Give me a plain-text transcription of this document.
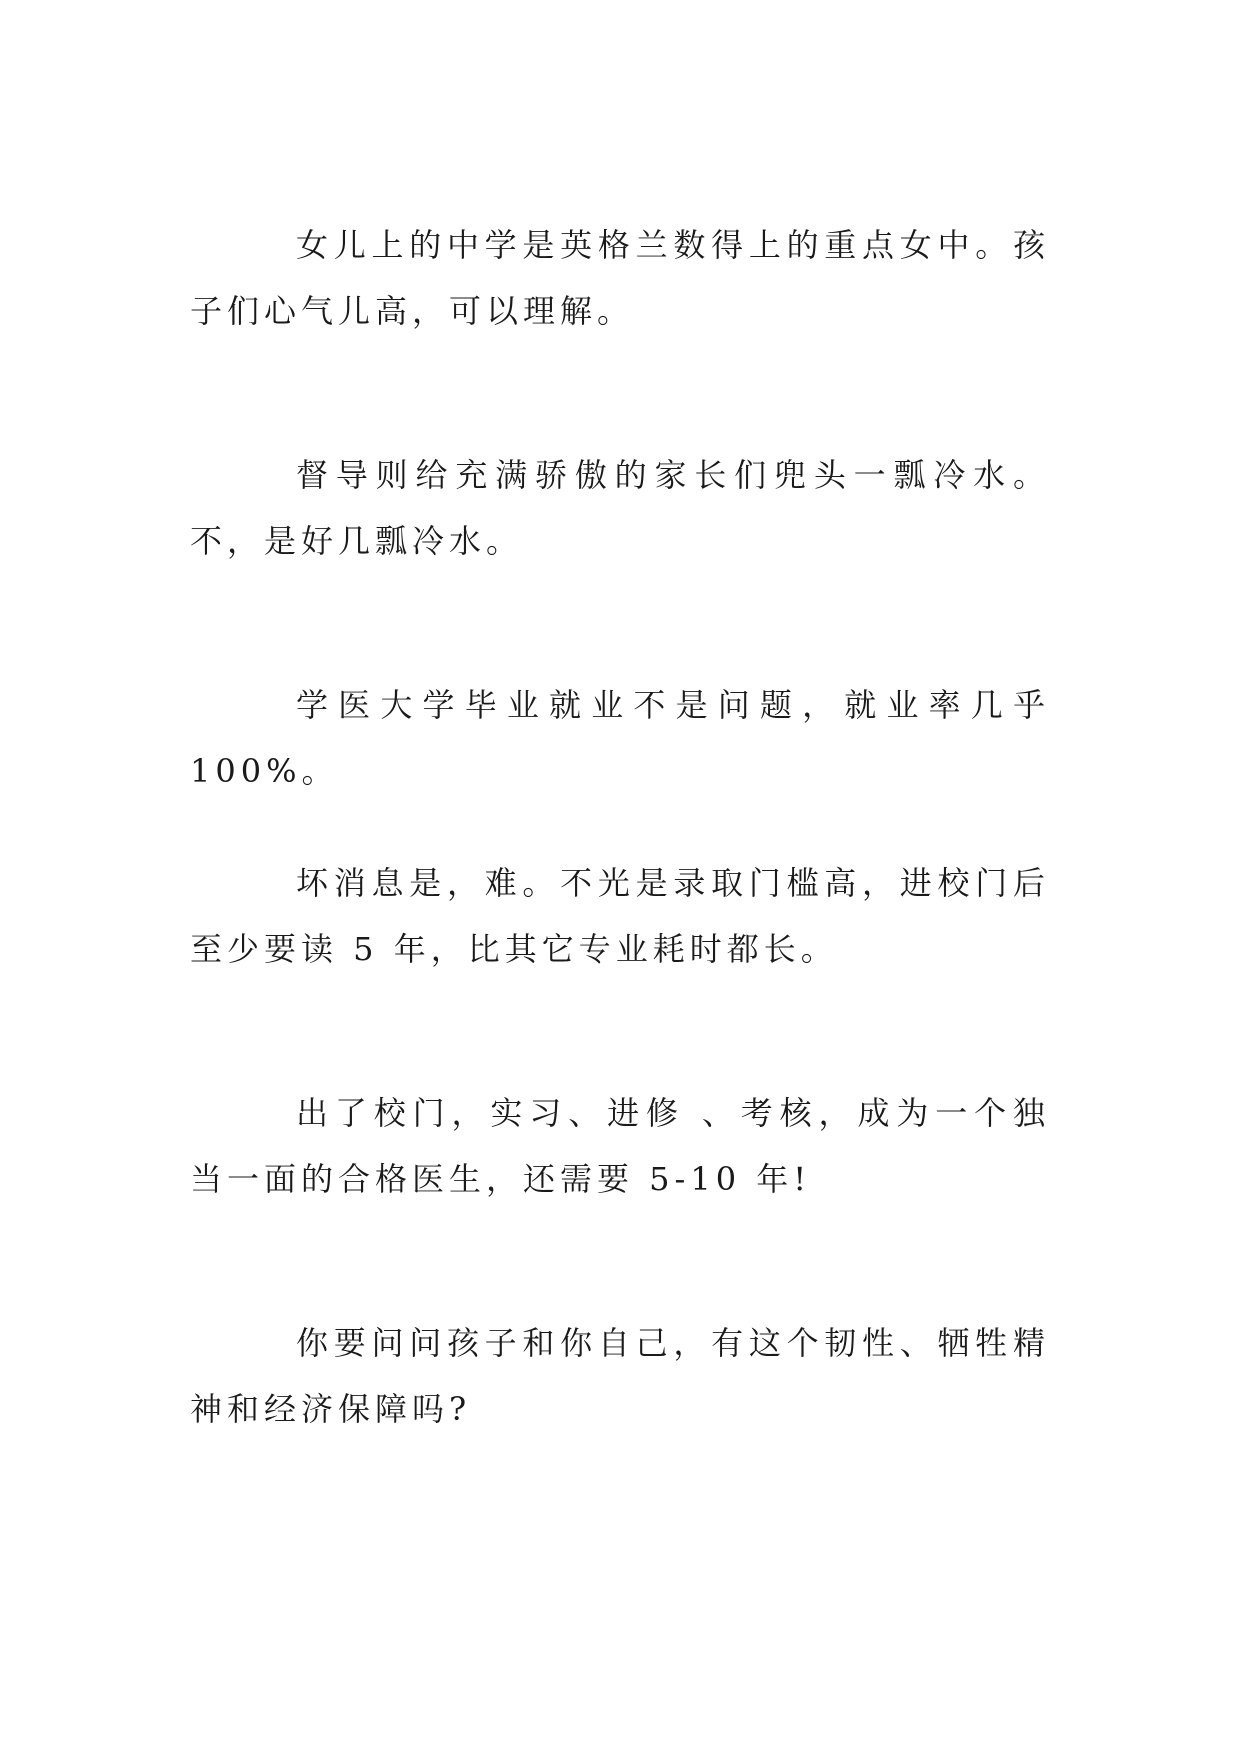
女儿上的中学是英格兰数得上的重点女中。孩子们心气儿高，可以理解。

督导则给充满骄傲的家长们兜头一瓢冷水。不，是好几瓢冷水。

学医大学毕业就业不是问题，就业率几乎 100%。

坏消息是，难。不光是录取门槛高，进校门后至少要读 5 年，比其它专业耗时都长。

出了校门，实习、进修 、考核，成为一个独当一面的合格医生，还需要 5-10 年!

你要问问孩子和你自己，有这个韧性、牺牲精神和经济保障吗?
